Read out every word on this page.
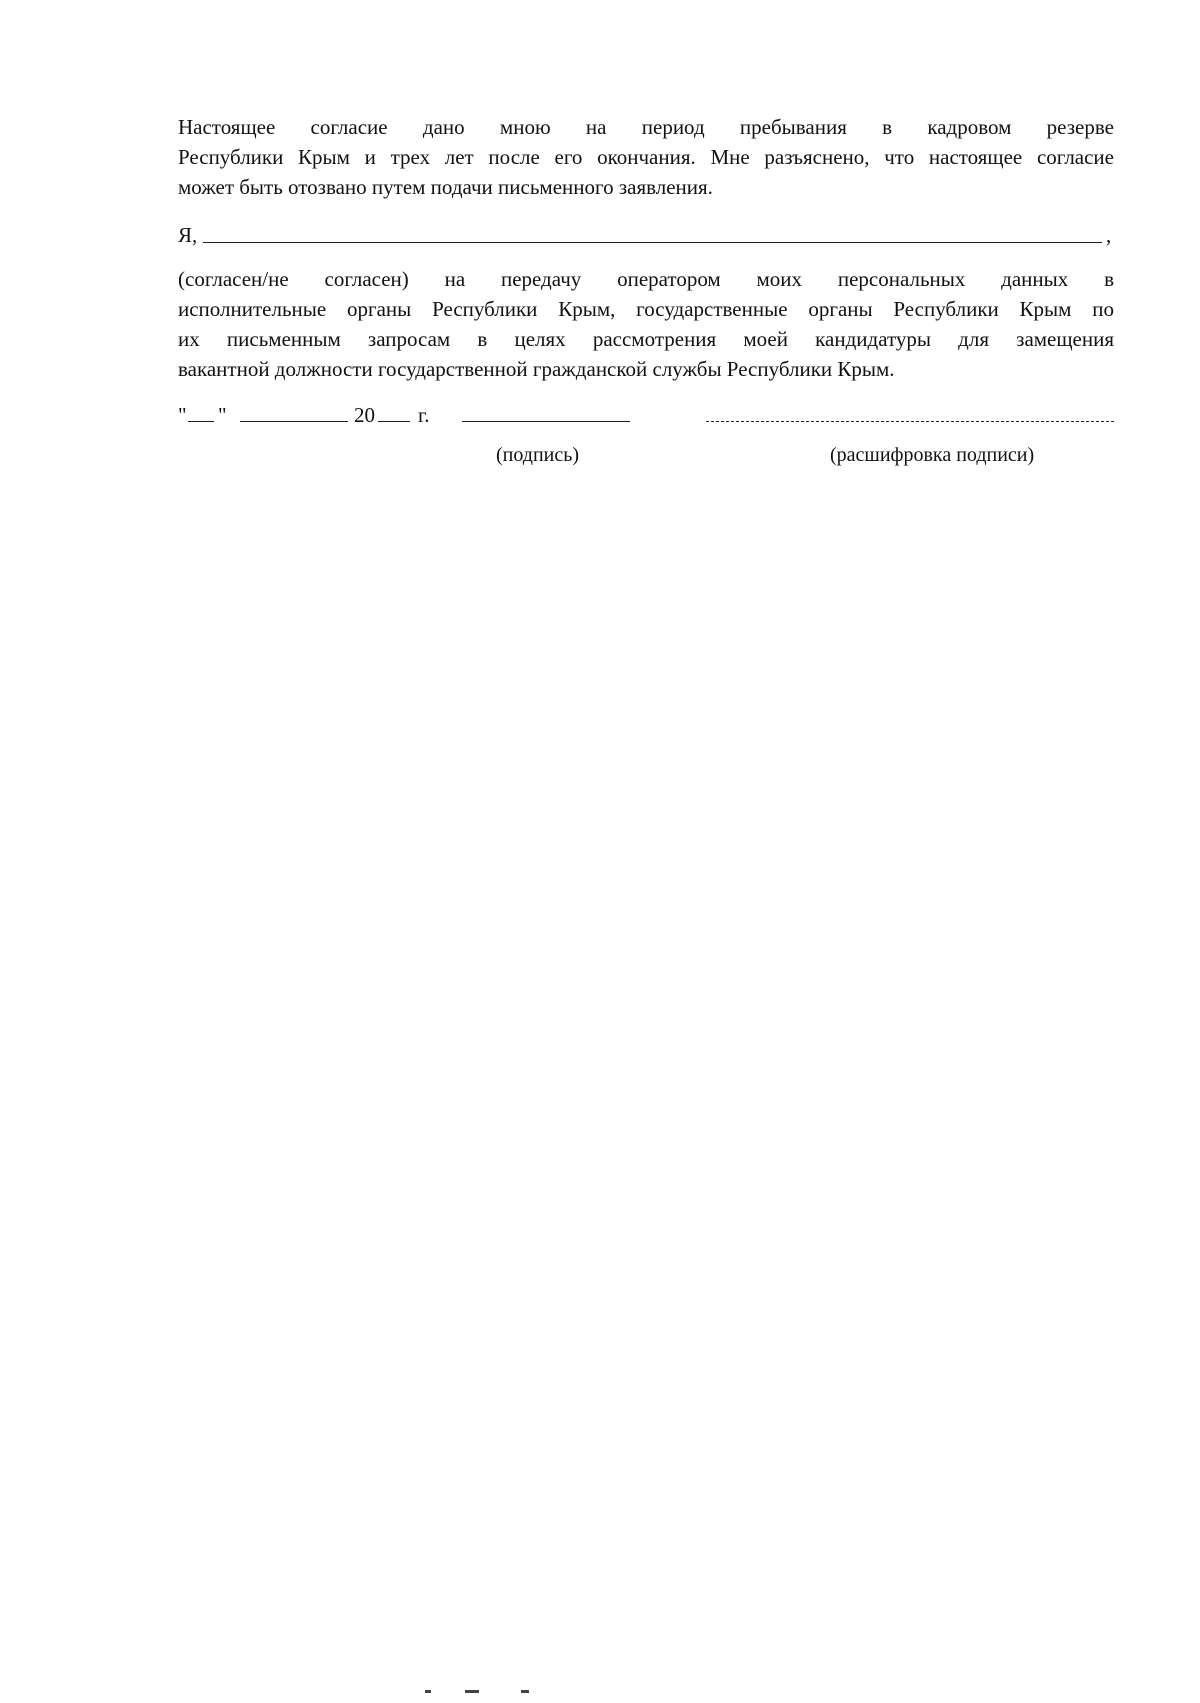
Настоящее согласие дано мною на период пребывания в кадровом резерве
Республики Крым и трех лет после его окончания. Мне разъяснено, что настоящее согласие
может быть отозвано путем подачи письменного заявления.

Я,	,

(согласен/не согласен) на передачу оператором моих персональных данных в
исполнительные органы Республики Крым, государственные органы Республики Крым по
их письменным запросам в целях рассмотрения моей кандидатуры для замещения
вакантной должности государственной гражданской службы Республики Крым.

" "	20 г.
(подпись)	(расшифровка подписи)
